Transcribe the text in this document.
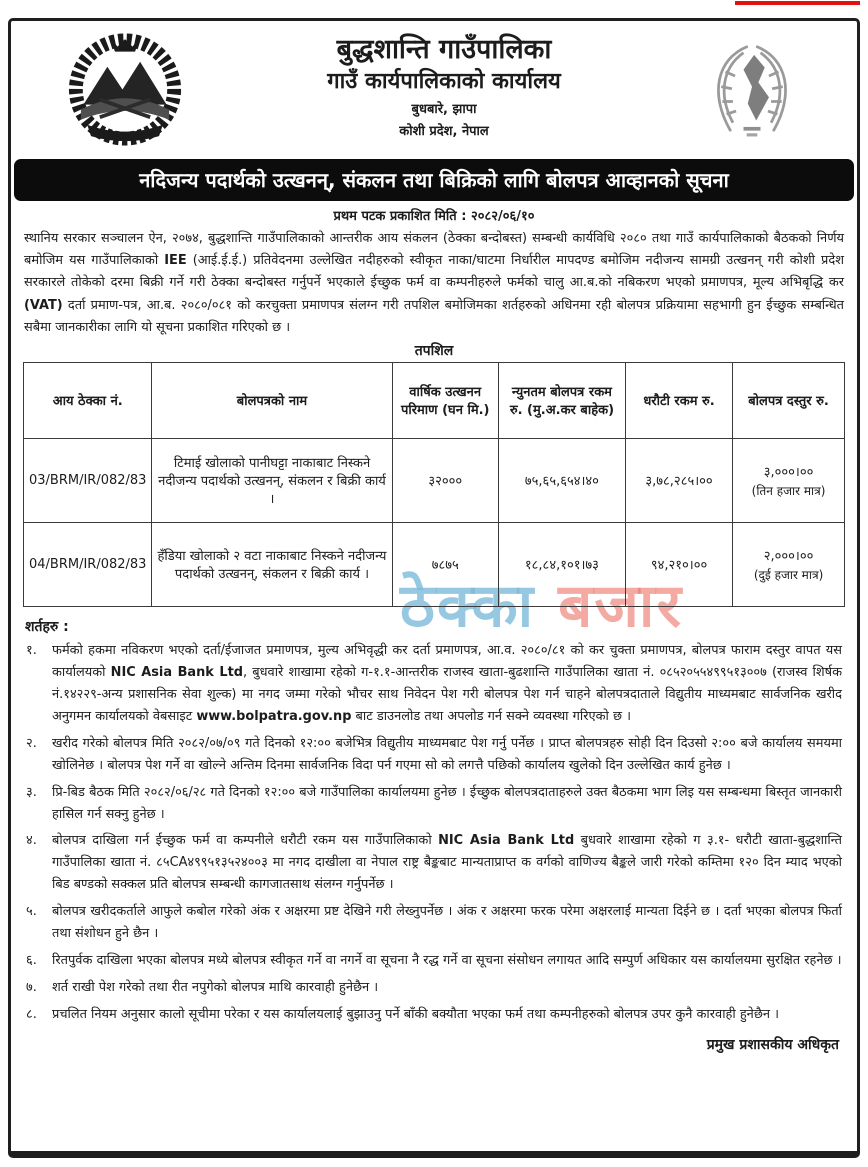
ठेक्का बजार
बुद्धशान्ति गाउँपालिका
गाउँ कार्यपालिकाको कार्यालय
बुधबारे, झापा
कोशी प्रदेश, नेपाल
नदिजन्य पदार्थको उत्खनन्, संकलन तथा बिक्रिको लागि बोलपत्र आव्हानको सूचना
प्रथम पटक प्रकाशित मिति : २०८२/०६/१०
स्थानिय सरकार सञ्चालन ऐन, २०७४, बुद्धशान्ति गाउँपालिकाको आन्तरीक आय संकलन (ठेक्का बन्दोबस्त) सम्बन्धी कार्यविधि २०८० तथा गाउँ कार्यपालिकाको बैठकको निर्णय बमोजिम यस गाउँपालिकाको IEE (आई.ई.ई.) प्रतिवेदनमा उल्लेखित नदीहरुको स्वीकृत नाका/घाटमा निर्धारील मापदण्ड बमोजिम नदीजन्य सामग्री उत्खनन् गरी कोशी प्रदेश सरकारले तोकेको दरमा बिक्री गर्ने गरी ठेक्का बन्दोबस्त गर्नुपर्ने भएकाले ईच्छुक फर्म वा कम्पनीहरुले फर्मको चालु आ.ब.को नबिकरण भएको प्रमाणपत्र, मूल्य अभिबृद्धि कर (VAT) दर्ता प्रमाण-पत्र, आ.ब. २०८०/०८१ को करचुक्ता प्रमाणपत्र संलग्न गरी तपशिल बमोजिमका शर्तहरुको अधिनमा रही बोलपत्र प्रक्रियामा सहभागी हुन ईच्छुक सम्बन्धित सबैमा जानकारीका लागि यो सूचना प्रकाशित गरिएको छ ।
तपशिल
आय ठेक्का नं.	बोलपत्रको नाम	वार्षिक उत्खनन परिमाण (घन मि.)	न्युनतम बोलपत्र रकम रु. (मु.अ.कर बाहेक)	धरौटी रकम रु.	बोलपत्र दस्तुर रु.
03/BRM/IR/082/83	टिमाई खोलाको पानीघट्टा नाकाबाट निस्कने नदीजन्य पदार्थको उत्खनन्, संकलन र बिक्री कार्य ।	३२०००	७५,६५,६५४।४०	३,७८,२८५।००	३,०००।००
(तिन हजार मात्र)

04/BRM/IR/082/83	हँडिया खोलाको २ वटा नाकाबाट निस्कने नदीजन्य पदार्थको उत्खनन्, संकलन र बिक्री कार्य ।	७८७५	१८,८४,१०१।७३	९४,२१०।००	२,०००।००
(दुई हजार मात्र)
शर्तहरु :
१.	फर्मको हकमा नविकरण भएको दर्ता/ईजाजत प्रमाणपत्र, मुल्य अभिवृद्धी कर दर्ता प्रमाणपत्र, आ.व. २०८०/८१ को कर चुक्ता प्रमाणपत्र, बोलपत्र फाराम दस्तुर वापत यस कार्यालयको NIC Asia Bank Ltd, बुधवारे शाखामा रहेको ग-१.१-आन्तरीक राजस्व खाता-बुढशान्ति गाउँपालिका खाता नं. ०८५२०५५४९९५१३००७ (राजस्व शिर्षक नं.१४२२९-अन्य प्रशासनिक सेवा शुल्क) मा नगद जम्मा गरेको भौचर साथ निवेदन पेश गरी बोलपत्र पेश गर्न चाहने बोलपत्रदाताले विद्युतीय माध्यमबाट सार्वजनिक खरीद अनुगमन कार्यालयको वेबसाइट www.bolpatra.gov.np बाट डाउनलोड तथा अपलोड गर्न सक्ने व्यवस्था गरिएको छ ।
२.	खरीद गरेको बोलपत्र मिति २०८२/०७/०९ गते दिनको १२:०० बजेभित्र विद्युतीय माध्यमबाट पेश गर्नु पर्नेछ । प्राप्त बोलपत्रहरु सोही दिन दिउसो २:०० बजे कार्यालय समयमा खोलिनेछ । बोलपत्र पेश गर्ने वा खोल्ने अन्तिम दिनमा सार्वजनिक विदा पर्न गएमा सो को लगत्तै पछिको कार्यालय खुलेको दिन उल्लेखित कार्य हुनेछ ।
३.	प्रि-बिड बैठक मिति २०८२/०६/२८ गते दिनको १२:०० बजे गाउँपालिका कार्यालयमा हुनेछ । ईच्छुक बोलपत्रदाताहरुले उक्त बैठकमा भाग लिइ यस सम्बन्धमा बिस्तृत जानकारी हासिल गर्न सक्नु हुनेछ ।
४.	बोलपत्र दाखिला गर्न ईच्छुक फर्म वा कम्पनीले धरौटी रकम यस गाउँपालिकाको NIC Asia Bank Ltd बुधवारे शाखामा रहेको ग ३.१- धरौटी खाता-बुद्धशान्ति गाउँपालिका खाता नं. ८५CA४९९५१३५२४००३ मा नगद दाखीला वा नेपाल राष्ट्र बैङ्कबाट मान्यताप्राप्त क वर्गको वाणिज्य बैङ्कले जारी गरेको कम्तिमा १२० दिन म्याद भएको बिड बण्डको सक्कल प्रति बोलपत्र सम्बन्धी कागजातसाथ संलग्न गर्नुपर्नेछ ।
५.	बोलपत्र खरीदकर्ताले आफुले कबोल गरेको अंक र अक्षरमा प्रष्ट देखिने गरी लेख्नुपर्नेछ । अंक र अक्षरमा फरक परेमा अक्षरलाई मान्यता दिईने छ । दर्ता भएका बोलपत्र फिर्ता तथा संशोधन हुने छैन ।
६.	रितपुर्वक दाखिला भएका बोलपत्र मध्ये बोलपत्र स्वीकृत गर्ने वा नगर्ने वा सूचना नै रद्ध गर्ने वा सूचना संसोधन लगायत आदि सम्पुर्ण अधिकार यस कार्यालयमा सुरक्षित रहनेछ ।
७.	शर्त राखी पेश गरेको तथा रीत नपुगेको बोलपत्र माथि कारवाही हुनेछैन ।
८.	प्रचलित नियम अनुसार कालो सूचीमा परेका र यस कार्यालयलाई बुझाउनु पर्ने बाँकी बक्यौता भएका फर्म तथा कम्पनीहरुको बोलपत्र उपर कुनै कारवाही हुनेछैन ।
प्रमुख प्रशासकीय अधिकृत
